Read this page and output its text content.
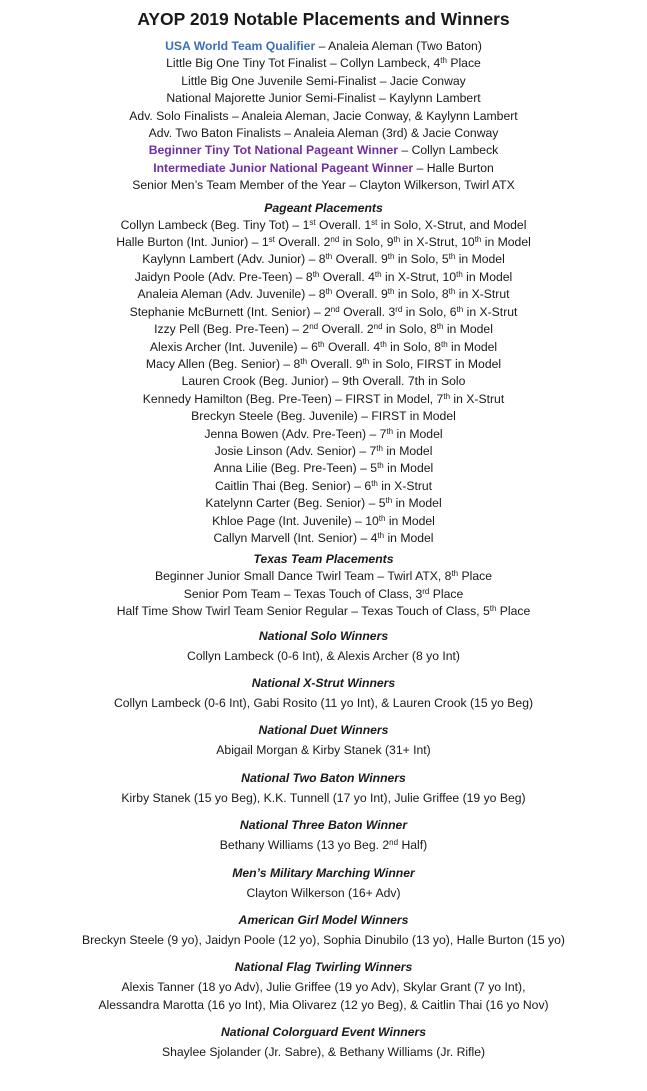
AYOP 2019 Notable Placements and Winners
USA World Team Qualifier – Analeia Aleman (Two Baton)
Little Big One Tiny Tot Finalist – Collyn Lambeck, 4th Place
Little Big One Juvenile Semi-Finalist – Jacie Conway
National Majorette Junior Semi-Finalist – Kaylynn Lambert
Adv. Solo Finalists – Analeia Aleman, Jacie Conway, & Kaylynn Lambert
Adv. Two Baton Finalists – Analeia Aleman (3rd) & Jacie Conway
Beginner Tiny Tot National Pageant Winner – Collyn Lambeck
Intermediate Junior National Pageant Winner – Halle Burton
Senior Men’s Team Member of the Year – Clayton Wilkerson, Twirl ATX
Pageant Placements
Collyn Lambeck (Beg. Tiny Tot) – 1st Overall. 1st in Solo, X-Strut, and Model
Halle Burton (Int. Junior) – 1st Overall. 2nd in Solo, 9th in X-Strut, 10th in Model
Kaylynn Lambert (Adv. Junior) – 8th Overall. 9th in Solo, 5th in Model
Jaidyn Poole (Adv. Pre-Teen) – 8th Overall. 4th in X-Strut, 10th in Model
Analeia Aleman (Adv. Juvenile) – 8th Overall. 9th in Solo, 8th in X-Strut
Stephanie McBurnett (Int. Senior) – 2nd Overall. 3rd in Solo, 6th in X-Strut
Izzy Pell (Beg. Pre-Teen) – 2nd Overall. 2nd in Solo, 8th in Model
Alexis Archer (Int. Juvenile) – 6th Overall. 4th in Solo, 8th in Model
Macy Allen (Beg. Senior) – 8th Overall. 9th in Solo, FIRST in Model
Lauren Crook (Beg. Junior) – 9th Overall. 7th in Solo
Kennedy Hamilton (Beg. Pre-Teen) – FIRST in Model, 7th in X-Strut
Breckyn Steele (Beg. Juvenile) – FIRST in Model
Jenna Bowen (Adv. Pre-Teen) – 7th in Model
Josie Linson (Adv. Senior) – 7th in Model
Anna Lilie (Beg. Pre-Teen) – 5th in Model
Caitlin Thai (Beg. Senior) – 6th in X-Strut
Katelynn Carter (Beg. Senior) – 5th in Model
Khloe Page (Int. Juvenile) – 10th in Model
Callyn Marvell (Int. Senior) – 4th in Model
Texas Team Placements
Beginner Junior Small Dance Twirl Team – Twirl ATX, 8th Place
Senior Pom Team – Texas Touch of Class, 3rd Place
Half Time Show Twirl Team Senior Regular – Texas Touch of Class, 5th Place
National Solo Winners
Collyn Lambeck (0-6 Int), & Alexis Archer (8 yo Int)
National X-Strut Winners
Collyn Lambeck (0-6 Int), Gabi Rosito (11 yo Int), & Lauren Crook (15 yo Beg)
National Duet Winners
Abigail Morgan & Kirby Stanek (31+ Int)
National Two Baton Winners
Kirby Stanek (15 yo Beg), K.K. Tunnell (17 yo Int), Julie Griffee (19 yo Beg)
National Three Baton Winner
Bethany Williams (13 yo Beg. 2nd Half)
Men’s Military Marching Winner
Clayton Wilkerson (16+ Adv)
American Girl Model Winners
Breckyn Steele (9 yo), Jaidyn Poole (12 yo), Sophia Dinubilo (13 yo), Halle Burton (15 yo)
National Flag Twirling Winners
Alexis Tanner (18 yo Adv), Julie Griffee (19 yo Adv), Skylar Grant (7 yo Int),
Alessandra Marotta (16 yo Int), Mia Olivarez (12 yo Beg), & Caitlin Thai (16 yo Nov)
National Colorguard Event Winners
Shaylee Sjolander (Jr. Sabre), & Bethany Williams (Jr. Rifle)
